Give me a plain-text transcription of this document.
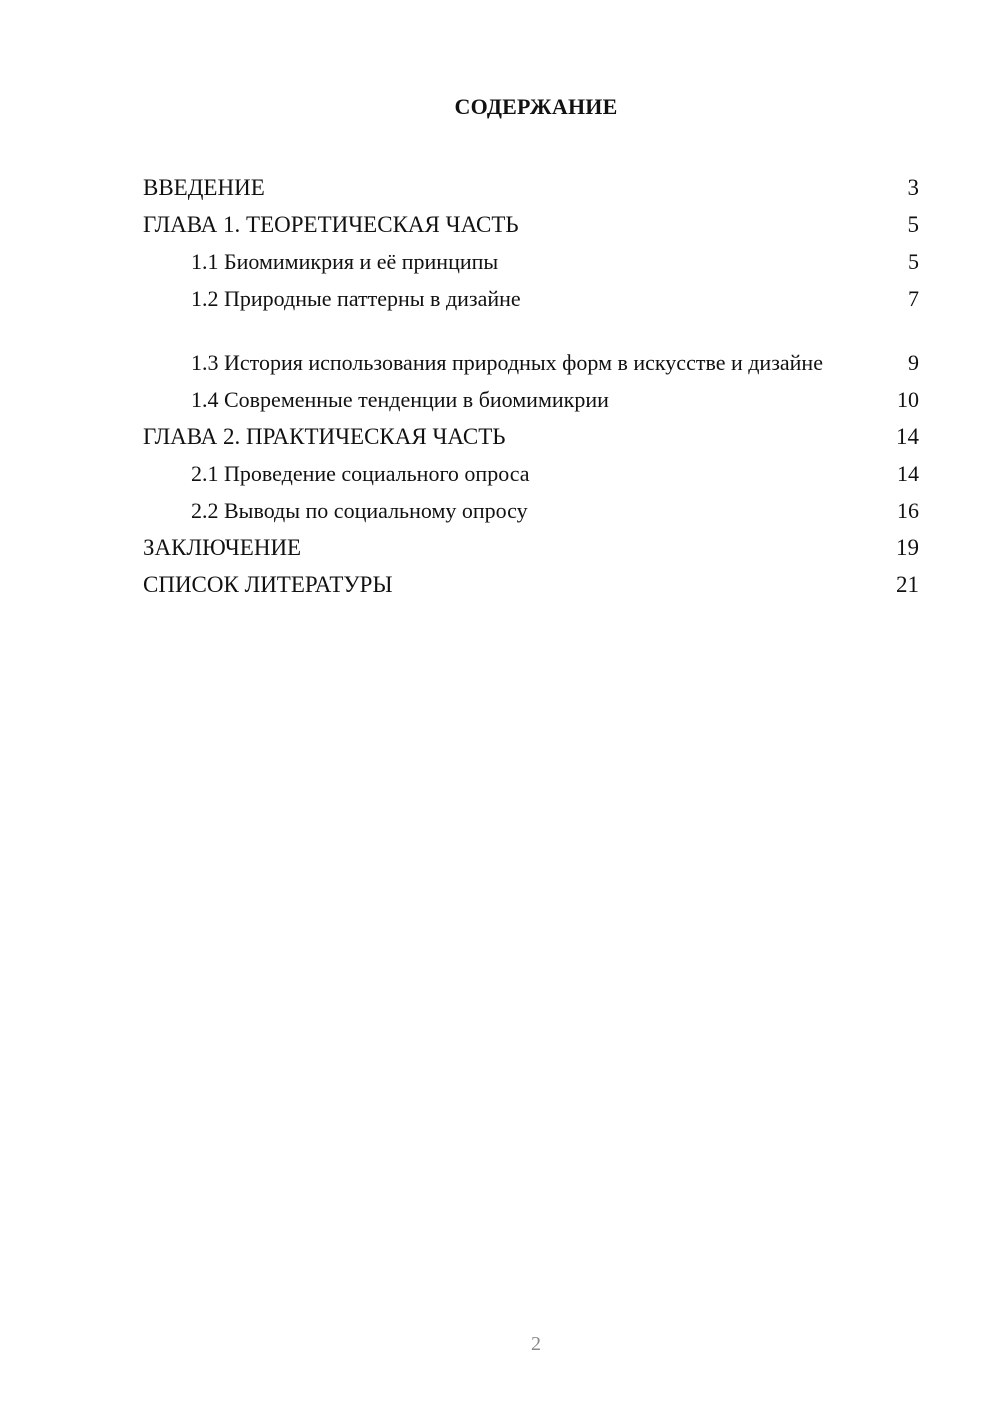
СОДЕРЖАНИЕ
ВВЕДЕНИЕ	3
ГЛАВА 1. ТЕОРЕТИЧЕСКАЯ ЧАСТЬ	5
1.1 Биомимикрия и её принципы	5
1.2 Природные паттерны в дизайне	7
1.3 История использования природных форм в искусстве и дизайне	9
1.4 Современные тенденции в биомимикрии	10
ГЛАВА 2. ПРАКТИЧЕСКАЯ ЧАСТЬ	14
2.1 Проведение социального опроса	14
2.2 Выводы по социальному опросу	16
ЗАКЛЮЧЕНИЕ	19
СПИСОК ЛИТЕРАТУРЫ	21
2
